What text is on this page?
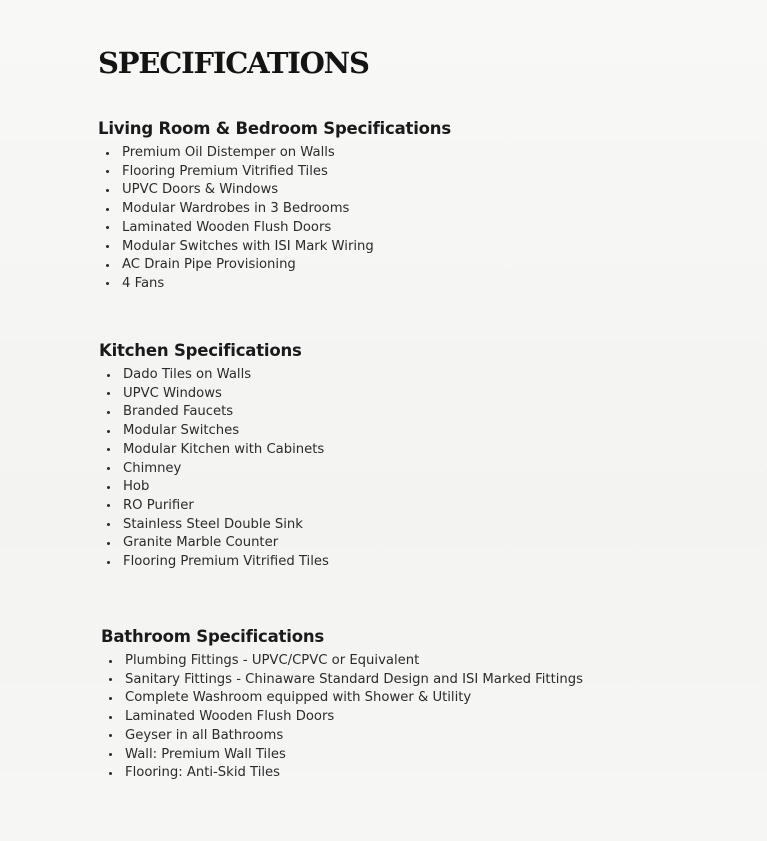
SPECIFICATIONS
Living Room & Bedroom Specifications
Premium Oil Distemper on Walls
Flooring Premium Vitrified Tiles
UPVC Doors & Windows
Modular Wardrobes in 3 Bedrooms
Laminated Wooden Flush Doors
Modular Switches with ISI Mark Wiring
AC Drain Pipe Provisioning
4 Fans
Kitchen Specifications
Dado Tiles on Walls
UPVC Windows
Branded Faucets
Modular Switches
Modular Kitchen with Cabinets
Chimney
Hob
RO Purifier
Stainless Steel Double Sink
Granite Marble Counter
Flooring Premium Vitrified Tiles
Bathroom Specifications
Plumbing Fittings - UPVC/CPVC or Equivalent
Sanitary Fittings - Chinaware Standard Design and ISI Marked Fittings
Complete Washroom equipped with Shower & Utility
Laminated Wooden Flush Doors
Geyser in all Bathrooms
Wall: Premium Wall Tiles
Flooring: Anti-Skid Tiles
